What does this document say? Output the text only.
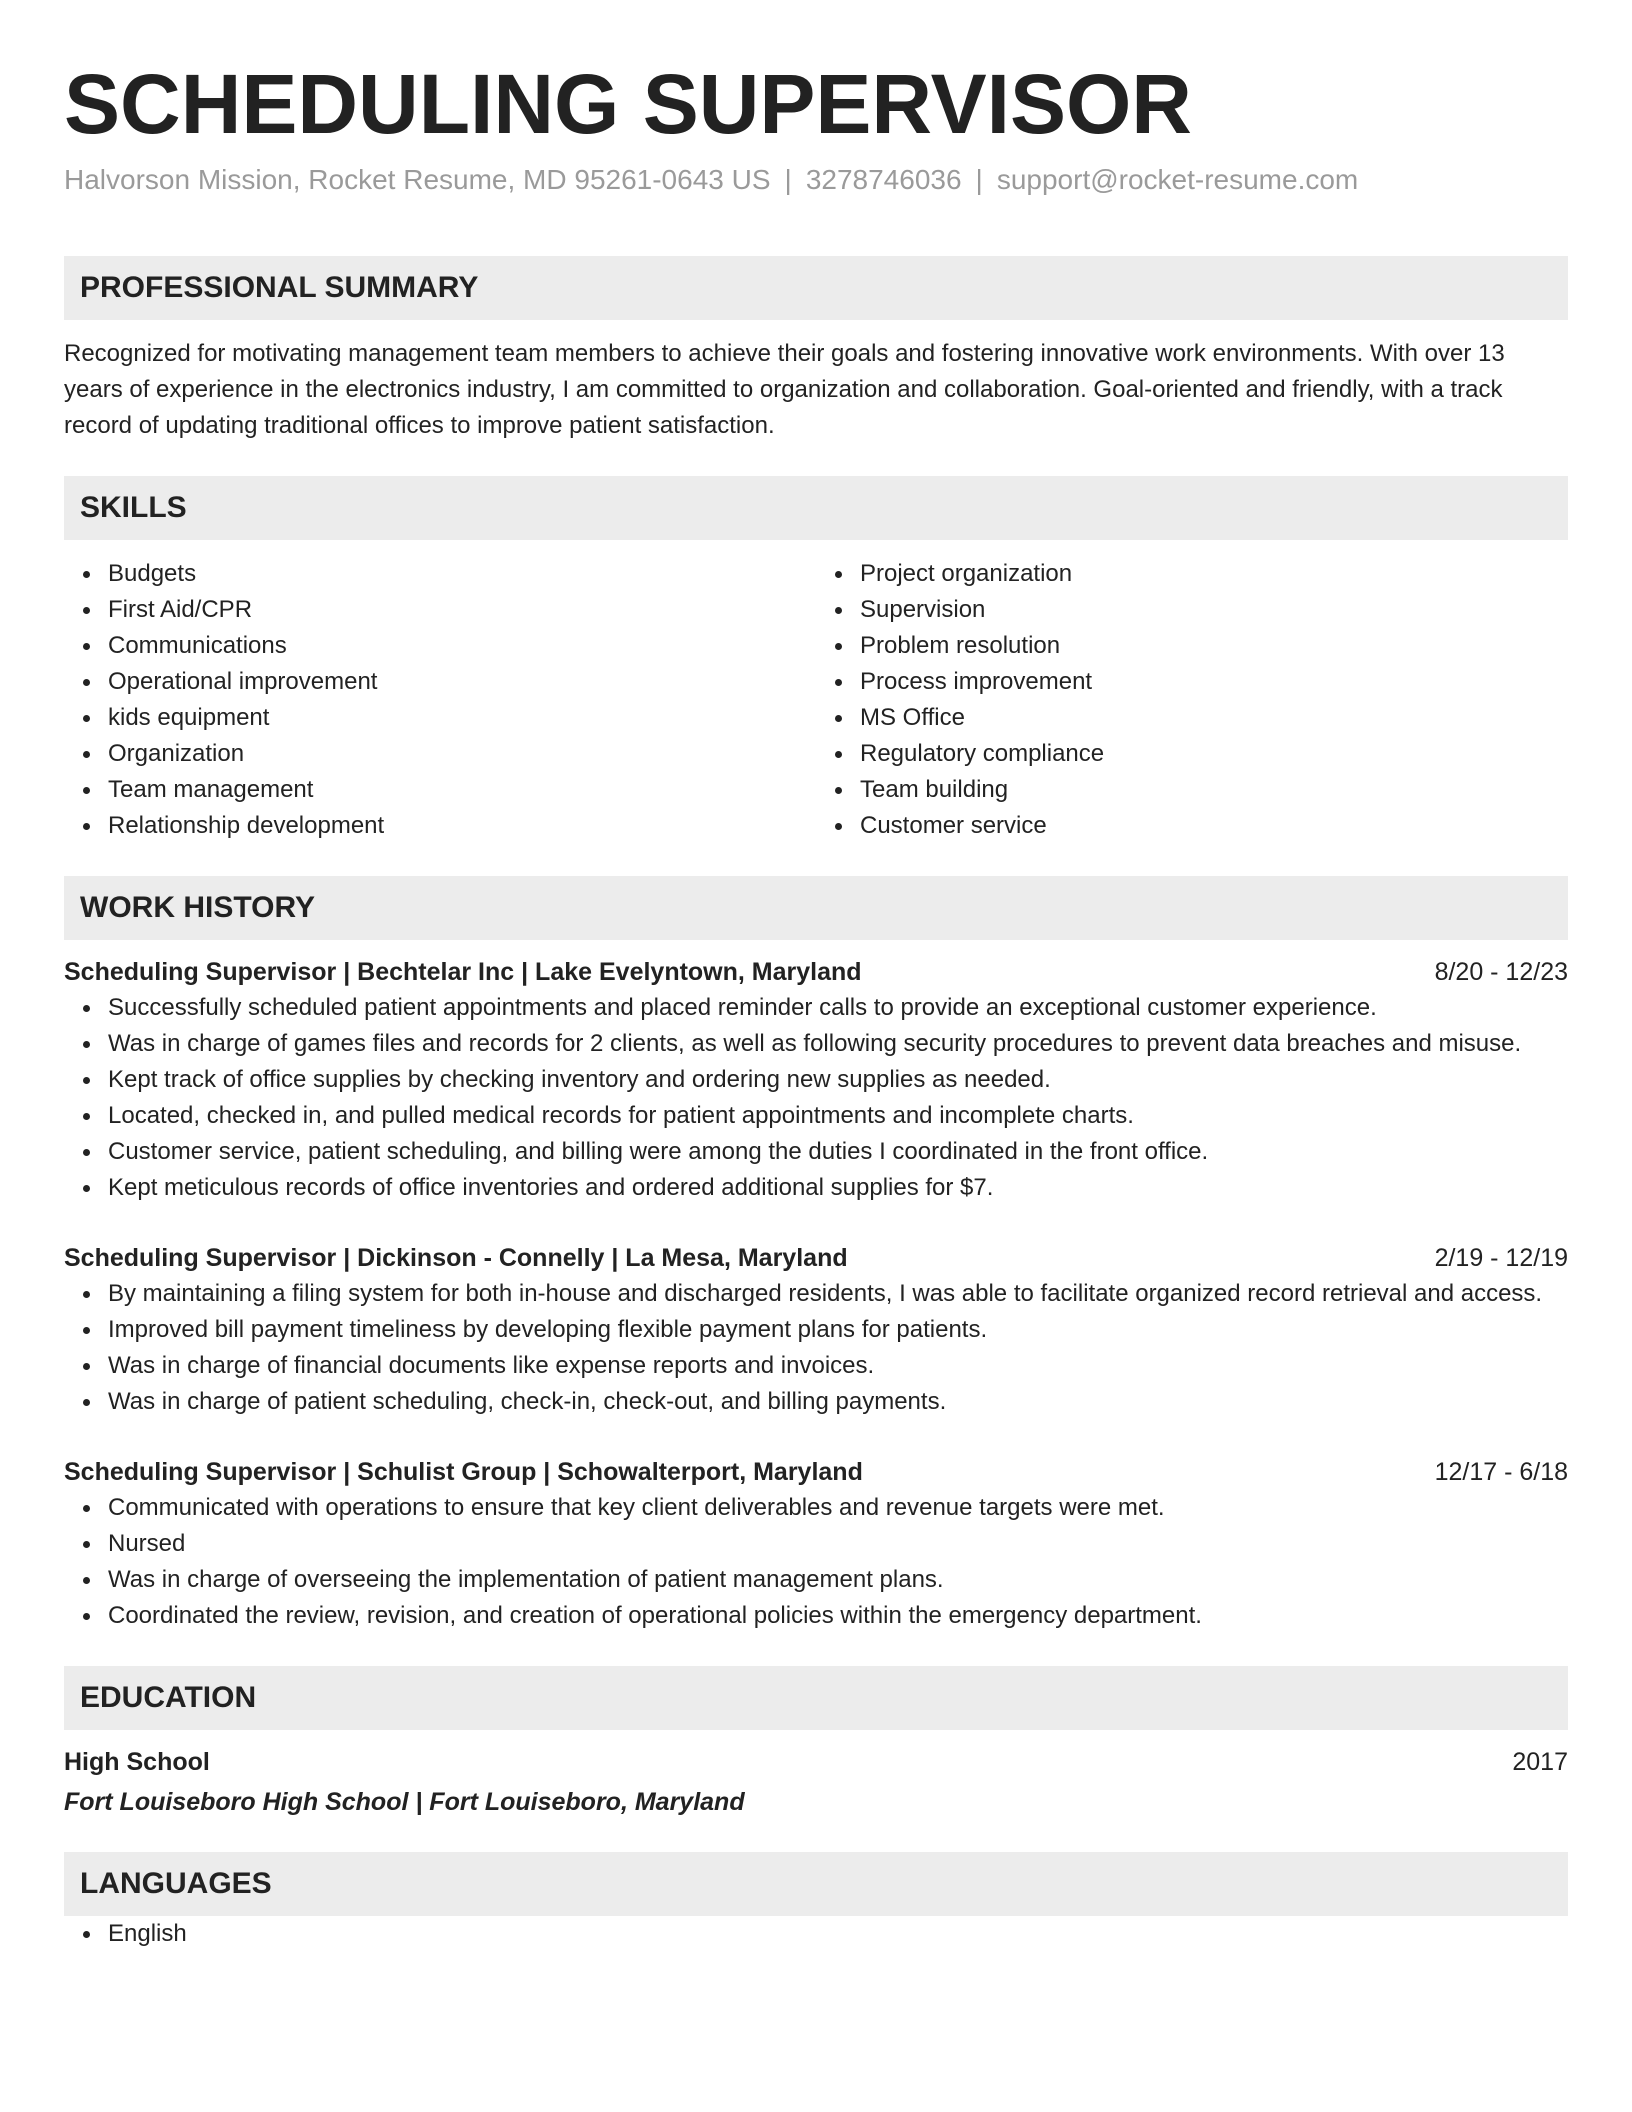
SCHEDULING SUPERVISOR
Halvorson Mission, Rocket Resume, MD 95261-0643 US | 3278746036 | support@rocket-resume.com
PROFESSIONAL SUMMARY
Recognized for motivating management team members to achieve their goals and fostering innovative work environments. With over 13 years of experience in the electronics industry, I am committed to organization and collaboration. Goal-oriented and friendly, with a track record of updating traditional offices to improve patient satisfaction.
SKILLS
Budgets
First Aid/CPR
Communications
Operational improvement
kids equipment
Organization
Team management
Relationship development
Project organization
Supervision
Problem resolution
Process improvement
MS Office
Regulatory compliance
Team building
Customer service
WORK HISTORY
Scheduling Supervisor | Bechtelar Inc | Lake Evelyntown, Maryland	8/20 - 12/23
Successfully scheduled patient appointments and placed reminder calls to provide an exceptional customer experience.
Was in charge of games files and records for 2 clients, as well as following security procedures to prevent data breaches and misuse.
Kept track of office supplies by checking inventory and ordering new supplies as needed.
Located, checked in, and pulled medical records for patient appointments and incomplete charts.
Customer service, patient scheduling, and billing were among the duties I coordinated in the front office.
Kept meticulous records of office inventories and ordered additional supplies for $7.
Scheduling Supervisor | Dickinson - Connelly | La Mesa, Maryland	2/19 - 12/19
By maintaining a filing system for both in-house and discharged residents, I was able to facilitate organized record retrieval and access.
Improved bill payment timeliness by developing flexible payment plans for patients.
Was in charge of financial documents like expense reports and invoices.
Was in charge of patient scheduling, check-in, check-out, and billing payments.
Scheduling Supervisor | Schulist Group | Schowalterport, Maryland	12/17 - 6/18
Communicated with operations to ensure that key client deliverables and revenue targets were met.
Nursed
Was in charge of overseeing the implementation of patient management plans.
Coordinated the review, revision, and creation of operational policies within the emergency department.
EDUCATION
High School	2017
Fort Louiseboro High School | Fort Louiseboro, Maryland
LANGUAGES
English
